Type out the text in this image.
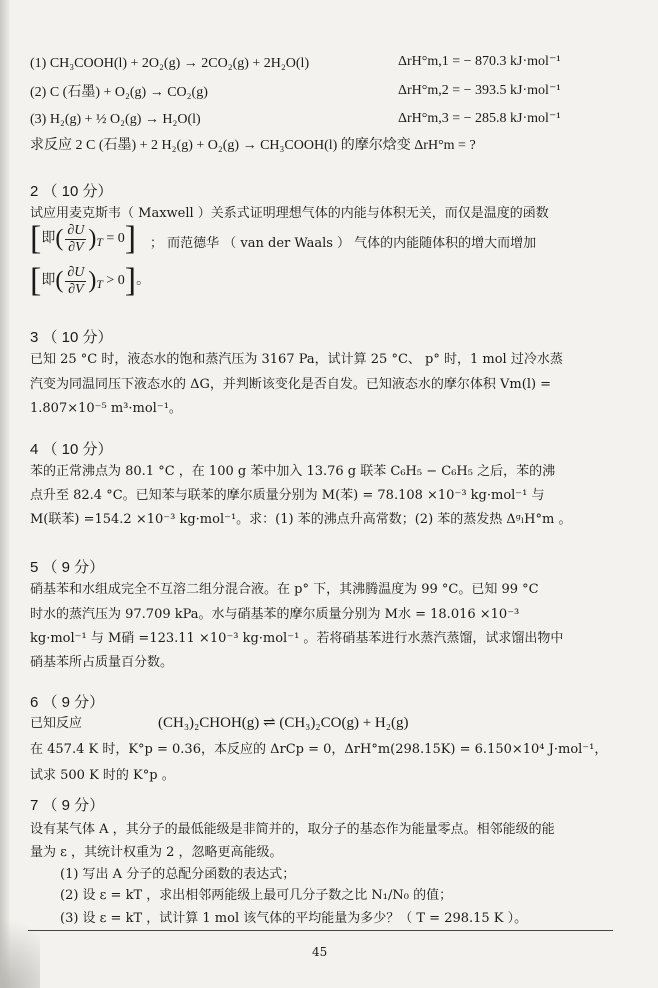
(1) CH₃COOH(l) + 2O₂(g) → 2CO₂(g) + 2H₂O(l)	ΔrH°m,1 = − 870.3 kJ·mol⁻¹
(2) C (石墨) + O₂(g) → CO₂(g)	ΔrH°m,2 = − 393.5 kJ·mol⁻¹
(3) H₂(g) + ½ O₂(g) → H₂O(l)	ΔrH°m,3 = − 285.8 kJ·mol⁻¹
求反应 2 C (石墨) + 2 H₂(g) + O₂(g) → CH₃COOH(l) 的摩尔焓变 ΔrH°m = ?
2 （ 10 分）
试应用麦克斯韦（ Maxwell ）关系式证明理想气体的内能与体积无关，而仅是温度的函数
[即( $\frac{\partial U}{\partial V} )_T = 0$] ； 而范德华 （ van der Waals ） 气体的内能随体积的增大而增加
[即( $\frac{\partial U}{\partial V} )_T > 0$]。
3 （ 10 分）
已知 25 °C 时，液态水的饱和蒸汽压为 3167 Pa，试计算 25 °C、 p° 时，1 mol 过冷水蒸
汽变为同温同压下液态水的 ΔG，并判断该变化是否自发。已知液态水的摩尔体积 Vm(l) =
1.807×10⁻⁵ m³·mol⁻¹。
4 （ 10 分）
苯的正常沸点为 80.1 °C ，在 100 g 苯中加入 13.76 g 联苯 C₆H₅ − C₆H₅ 之后，苯的沸
点升至 82.4 °C。已知苯与联苯的摩尔质量分别为 M(苯) = 78.108 ×10⁻³ kg·mol⁻¹ 与
M(联苯) =154.2 ×10⁻³ kg·mol⁻¹。求：(1) 苯的沸点升高常数；(2) 苯的蒸发热 ΔᵍₗH°m 。
5 （ 9 分）
硝基苯和水组成完全不互溶二组分混合液。在 p° 下，其沸腾温度为 99 °C。已知 99 °C
时水的蒸汽压为 97.709 kPa。水与硝基苯的摩尔质量分别为 M水 = 18.016 ×10⁻³
kg·mol⁻¹ 与 M硝 =123.11 ×10⁻³ kg·mol⁻¹ 。若将硝基苯进行水蒸汽蒸馏，试求馏出物中
硝基苯所占质量百分数。
6 （ 9 分）
已知反应	(CH₃)₂CHOH(g) ⇌ (CH₃)₂CO(g) + H₂(g)
在 457.4 K 时，K°p = 0.36，本反应的 ΔrCp = 0，ΔrH°m(298.15K) = 6.150×10⁴ J·mol⁻¹，
试求 500 K 时的 K°p 。
7 （ 9 分）
设有某气体 A ，其分子的最低能级是非简并的，取分子的基态作为能量零点。相邻能级的能
量为 ε ，其统计权重为 2 ，忽略更高能级。
(1) 写出 A 分子的总配分函数的表达式；
(2) 设 ε = kT ，求出相邻两能级上最可几分子数之比 N₁/N₀ 的值；
(3) 设 ε = kT ，试计算 1 mol 该气体的平均能量为多少？（ T = 298.15 K ）。
45
